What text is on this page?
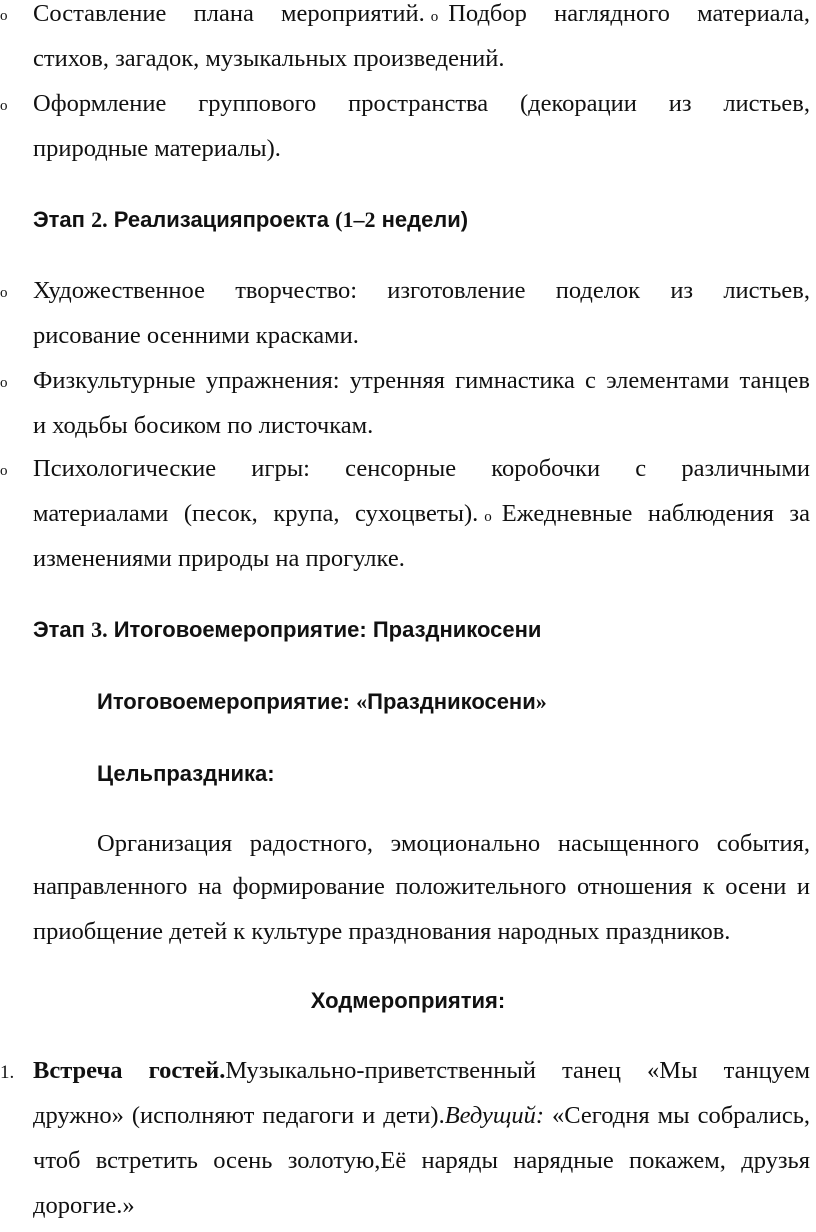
o Составление плана мероприятий. o Подбор наглядного материала,
стихов, загадок, музыкальных произведений.
o Оформление группового пространства (декорации из листьев,
природные материалы).
Этап 2. Реализацияпроекта (1–2 недели)
o Художественное творчество: изготовление поделок из листьев,
рисование осенними красками.
o Физкультурные упражнения: утренняя гимнастика с элементами танцев
и ходьбы босиком по листочкам.
o Психологические игры: сенсорные коробочки с различными
материалами (песок, крупа, сухоцветы). o Ежедневные наблюдения за
изменениями природы на прогулке.
Этап 3. Итоговоемероприятие: Праздникосени
Итоговоемероприятие: «Праздникосени»
Цельпраздника:
Организация радостного, эмоционально насыщенного события,
направленного на формирование положительного отношения к осени и
приобщение детей к культуре празднования народных праздников.
Ходмероприятия:
1. Встреча гостей.Музыкально-приветственный танец «Мы танцуем
дружно» (исполняют педагоги и дети).Ведущий: «Сегодня мы собрались,
чтоб встретить осень золотую,Её наряды нарядные покажем, друзья
дорогие.»
